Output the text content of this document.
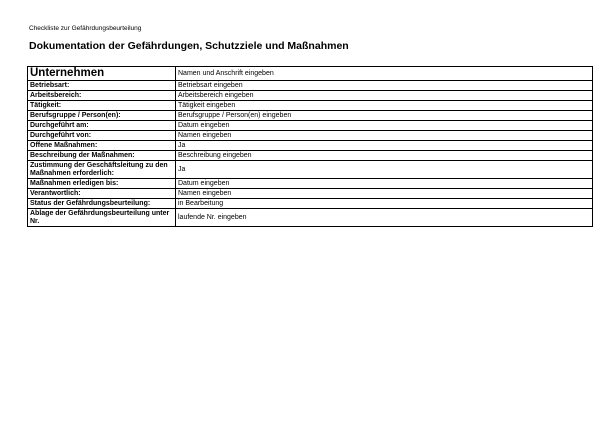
Checkliste zur Gefährdungsbeurteilung
Dokumentation der Gefährdungen, Schutzziele und Maßnahmen
Unternehmen	Namen und Anschrift eingeben
Betriebsart:	Betriebsart eingeben
Arbeitsbereich:	Arbeitsbereich eingeben
Tätigkeit:	Tätigkeit eingeben
Berufsgruppe / Person(en):	Berufsgruppe / Person(en) eingeben
Durchgeführt am:	Datum eingeben
Durchgeführt von:	Namen eingeben
Offene Maßnahmen:	Ja
Beschreibung der Maßnahmen:	Beschreibung eingeben
Zustimmung der Geschäftsleitung zu den Maßnahmen erforderlich:	Ja
Maßnahmen erledigen bis:	Datum eingeben
Verantwortlich:	Namen eingeben
Status der Gefährdungsbeurteilung:	in Bearbeitung
Ablage der Gefährdungsbeurteilung unter Nr.	laufende Nr. eingeben
